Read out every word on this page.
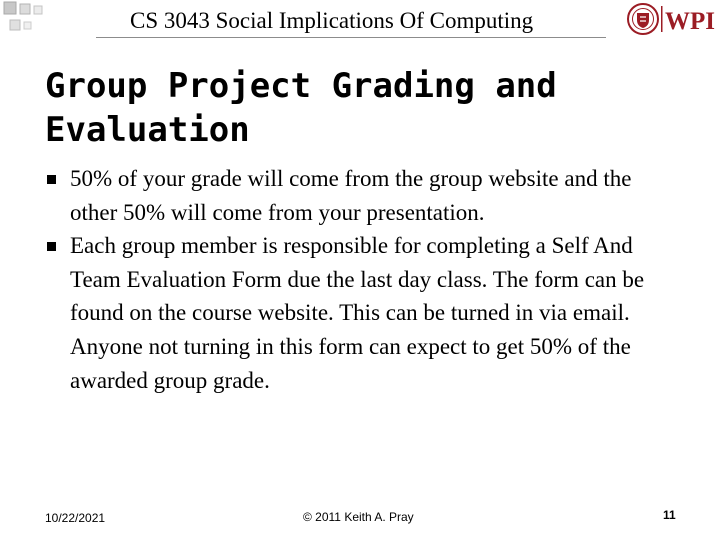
CS 3043 Social Implications Of Computing	WPI
Group Project Grading and Evaluation
50% of your grade will come from the group website and the other 50% will come from your presentation.
Each group member is responsible for completing a Self And Team Evaluation Form due the last day class. The form can be found on the course website. This can be turned in via email. Anyone not turning in this form can expect to get 50% of the awarded group grade.
10/22/2021	© 2011 Keith A. Pray	11
